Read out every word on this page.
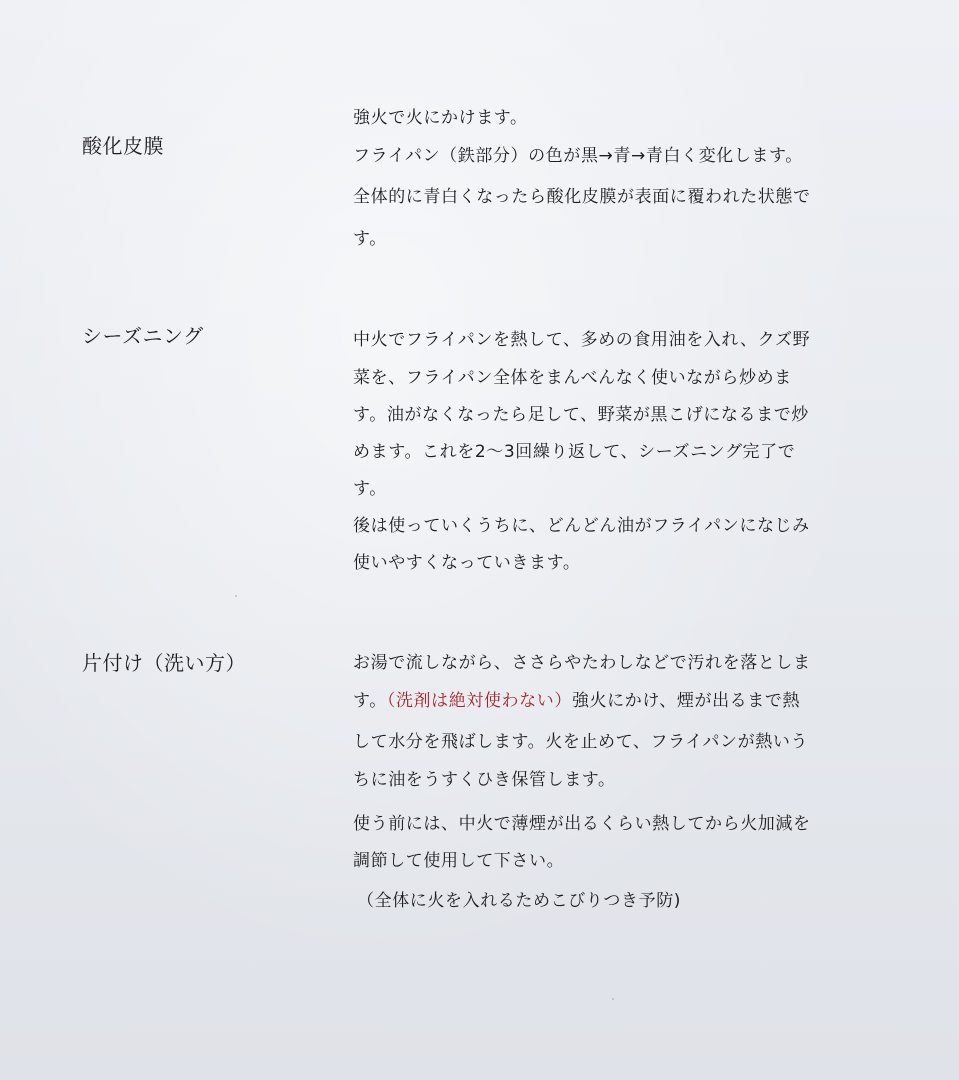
酸化皮膜

強火で火にかけます。

フライパン（鉄部分）の色が黒→青→青白く変化します。

全体的に青白くなったら酸化皮膜が表面に覆われた状態で

す。

シーズニング	中火でフライパンを熱して、多めの食用油を入れ、クズ野

菜を、フライパン全体をまんべんなく使いながら炒めま

す。油がなくなったら足して、野菜が黒こげになるまで炒

めます。これを2〜3回繰り返して、シーズニング完了で

す。

後は使っていくうちに、どんどん油がフライパンになじみ

使いやすくなっていきます。

片付け（洗い方）	お湯で流しながら、ささらやたわしなどで汚れを落としま

す。（洗剤は絶対使わない）強火にかけ、煙が出るまで熱

して水分を飛ばします。火を止めて、フライパンが熱いう

ちに油をうすくひき保管します。

使う前には、中火で薄煙が出るくらい熱してから火加減を

調節して使用して下さい。

（全体に火を入れるためこびりつき予防)
